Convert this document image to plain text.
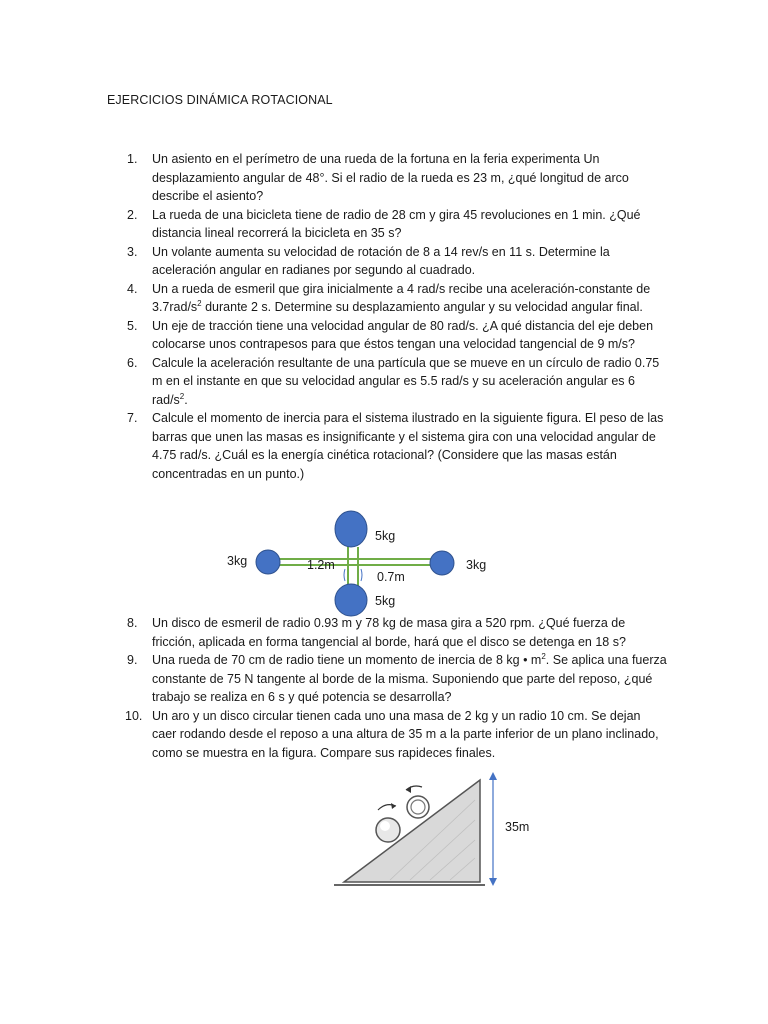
EJERCICIOS DINÁMICA ROTACIONAL
1. Un asiento en el perímetro de una rueda de la fortuna en la feria experimenta Un desplazamiento angular de 48°. Si el radio de la rueda es 23 m, ¿qué longitud de arco describe el asiento?
2. La rueda de una bicicleta tiene de radio de 28 cm y gira 45 revoluciones en 1 min. ¿Qué distancia lineal recorrerá la bicicleta en 35 s?
3. Un volante aumenta su velocidad de rotación de 8 a 14 rev/s en 11 s. Determine la aceleración angular en radianes por segundo al cuadrado.
4. Un a rueda de esmeril que gira inicialmente a 4 rad/s recibe una aceleración-constante de $3.7rad/s^2$ durante 2 s. Determine su desplazamiento angular y su velocidad angular final.
5. Un eje de tracción tiene una velocidad angular de 80 rad/s. ¿A qué distancia del eje deben colocarse unos contrapesos para que éstos tengan una velocidad tangencial de 9 m/s?
6. Calcule la aceleración resultante de una partícula que se mueve en un círculo de radio 0.75 m en el instante en que su velocidad angular es 5.5 rad/s y su aceleración angular es 6 rad/$s^2$.
7. Calcule el momento de inercia para el sistema ilustrado en la siguiente figura. El peso de las barras que unen las masas es insignificante y el sistema gira con una velocidad angular de 4.75 rad/s. ¿Cuál es la energía cinética rotacional? (Considere que las masas están concentradas en un punto.)
5kg
5kg
3kg	3kg
1.2m
0.7m
8. Un disco de esmeril de radio 0.93 m y 78 kg de masa gira a 520 rpm. ¿Qué fuerza de fricción, aplicada en forma tangencial al borde, hará que el disco se detenga en 18 s?
9. Una rueda de 70 cm de radio tiene un momento de inercia de 8 kg • $m^2$. Se aplica una fuerza constante de 75 N tangente al borde de la misma. Suponiendo que parte del reposo, ¿qué trabajo se realiza en 6 s y qué potencia se desarrolla?
10. Un aro y un disco circular tienen cada uno una masa de 2 kg y un radio 10 cm. Se dejan caer rodando desde el reposo a una altura de 35 m a la parte inferior de un plano inclinado, como se muestra en la figura. Compare sus rapideces finales.
35m
